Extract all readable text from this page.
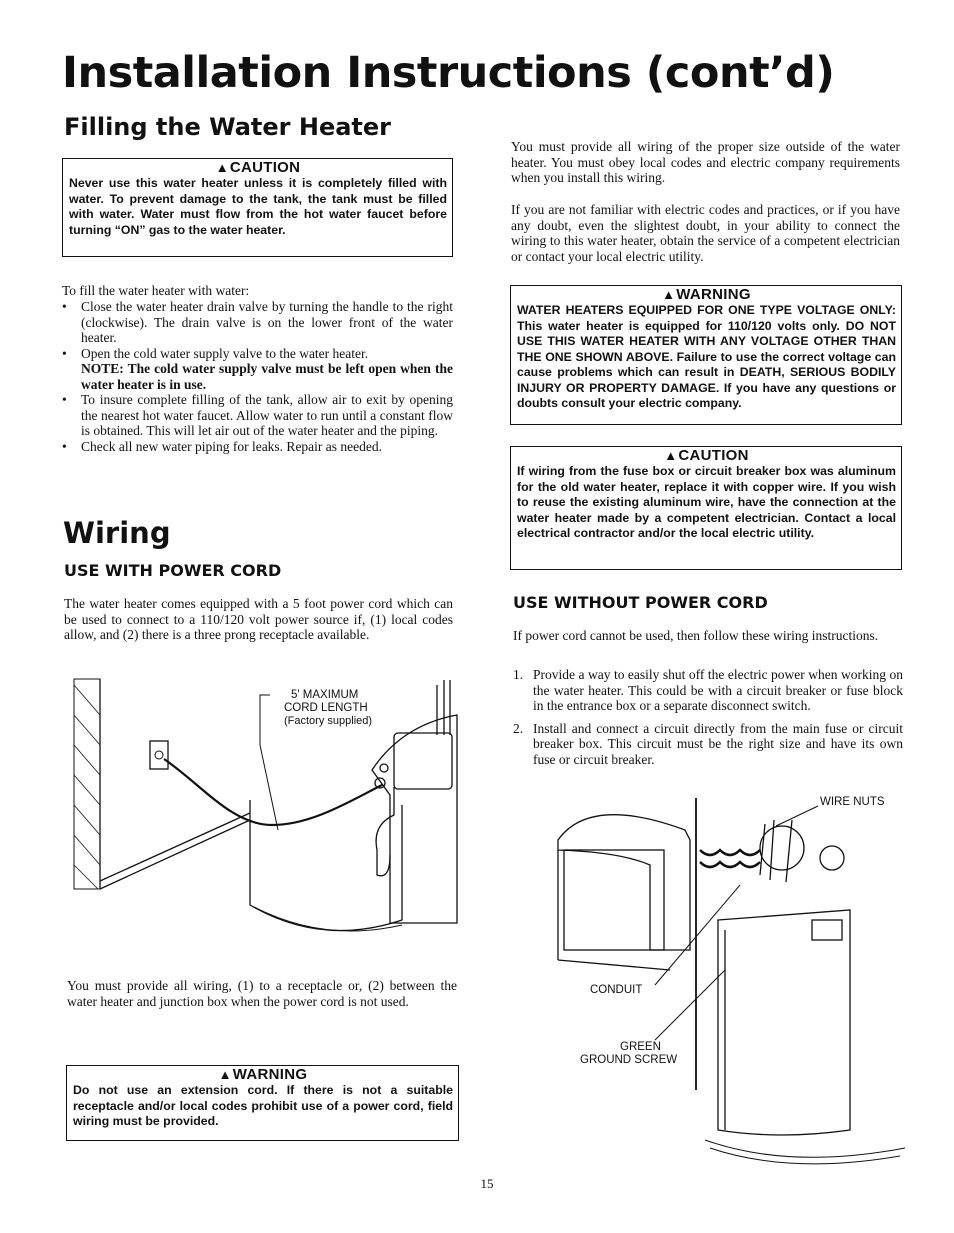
Installation Instructions (cont’d)
Filling the Water Heater

▲CAUTION

Never use this water heater unless it is completely filled with water. To prevent damage to the tank, the tank must be filled with water. Water must flow from the hot water faucet before turning “ON” gas to the water heater.

To fill the water heater with water:

• Close the water heater drain valve by turning the handle to the right (clockwise). The drain valve is on the lower front of the water heater.
• Open the cold water supply valve to the water heater.
NOTE: The cold water supply valve must be left open when the water heater is in use.
• To insure complete filling of the tank, allow air to exit by opening the nearest hot water faucet. Allow water to run until a constant flow is obtained. This will let air out of the water heater and the piping.
• Check all new water piping for leaks. Repair as needed.
Wiring
USE WITH POWER CORD

The water heater comes equipped with a 5 foot power cord which can be used to connect to a 110/120 volt power source if, (1) local codes allow, and (2) there is a three prong receptacle available.

5' MAXIMUM
CORD LENGTH
(Factory supplied)

You must provide all wiring, (1) to a receptacle or, (2) between the water heater and junction box when the power cord is not used.

▲WARNING

Do not use an extension cord. If there is not a suitable receptacle and/or local codes prohibit use of a power cord, field wiring must be provided.

You must provide all wiring of the proper size outside of the water heater. You must obey local codes and electric company requirements when you install this wiring.

If you are not familiar with electric codes and practices, or if you have any doubt, even the slightest doubt, in your ability to connect the wiring to this water heater, obtain the service of a competent electrician or contact your local electric utility.

▲WARNING

WATER HEATERS EQUIPPED FOR ONE TYPE VOLTAGE ONLY: This water heater is equipped for 110/120 volts only. DO NOT USE THIS WATER HEATER WITH ANY VOLTAGE OTHER THAN THE ONE SHOWN ABOVE. Failure to use the correct voltage can cause problems which can result in DEATH, SERIOUS BODILY INJURY OR PROPERTY DAMAGE. If you have any questions or doubts consult your electric company.

▲CAUTION

If wiring from the fuse box or circuit breaker box was aluminum for the old water heater, replace it with copper wire. If you wish to reuse the existing aluminum wire, have the connection at the water heater made by a competent electrician. Contact a local electrical contractor and/or the local electric utility.

USE WITHOUT POWER CORD

If power cord cannot be used, then follow these wiring instructions.

1. Provide a way to easily shut off the electric power when working on the water heater. This could be with a circuit breaker or fuse block in the entrance box or a separate disconnect switch.
2. Install and connect a circuit directly from the main fuse or circuit breaker box. This circuit must be the right size and have its own fuse or circuit breaker.
WIRE NUTS
CONDUIT
GREEN
GROUND SCREW
15
